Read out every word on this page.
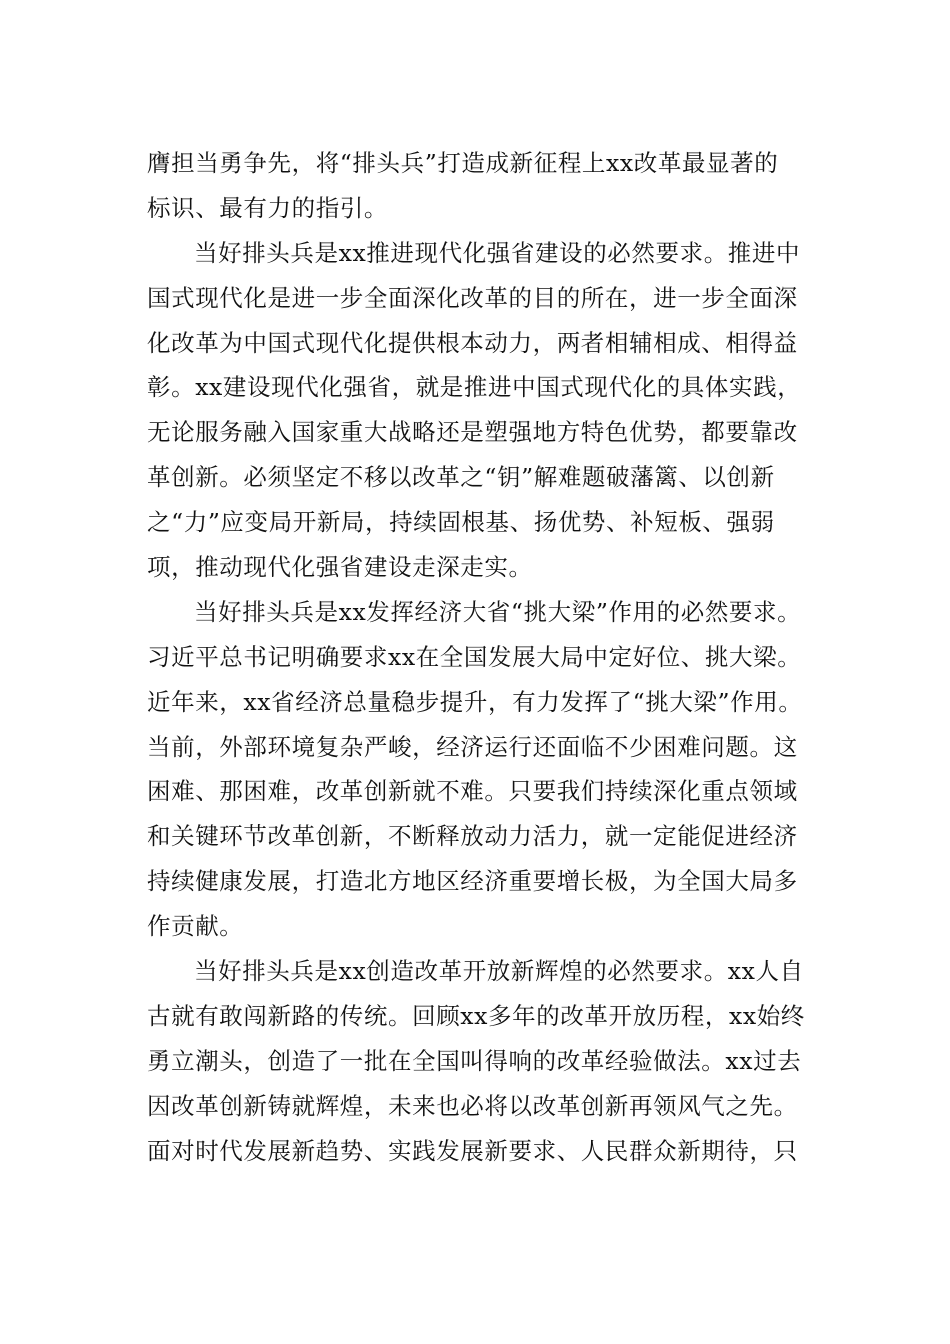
膺担当勇争先，将“排头兵”打造成新征程上xx改革最显著的
标识、最有力的指引。
当好排头兵是xx推进现代化强省建设的必然要求。推进中
国式现代化是进一步全面深化改革的目的所在，进一步全面深
化改革为中国式现代化提供根本动力，两者相辅相成、相得益
彰。xx建设现代化强省，就是推进中国式现代化的具体实践，
无论服务融入国家重大战略还是塑强地方特色优势，都要靠改
革创新。必须坚定不移以改革之“钥”解难题破藩篱、以创新
之“力”应变局开新局，持续固根基、扬优势、补短板、强弱
项，推动现代化强省建设走深走实。
当好排头兵是xx发挥经济大省“挑大梁”作用的必然要求。
习近平总书记明确要求xx在全国发展大局中定好位、挑大梁。
近年来，xx省经济总量稳步提升，有力发挥了“挑大梁”作用。
当前，外部环境复杂严峻，经济运行还面临不少困难问题。这
困难、那困难，改革创新就不难。只要我们持续深化重点领域
和关键环节改革创新，不断释放动力活力，就一定能促进经济
持续健康发展，打造北方地区经济重要增长极，为全国大局多
作贡献。
当好排头兵是xx创造改革开放新辉煌的必然要求。xx人自
古就有敢闯新路的传统。回顾xx多年的改革开放历程，xx始终
勇立潮头，创造了一批在全国叫得响的改革经验做法。xx过去
因改革创新铸就辉煌，未来也必将以改革创新再领风气之先。
面对时代发展新趋势、实践发展新要求、人民群众新期待，只
